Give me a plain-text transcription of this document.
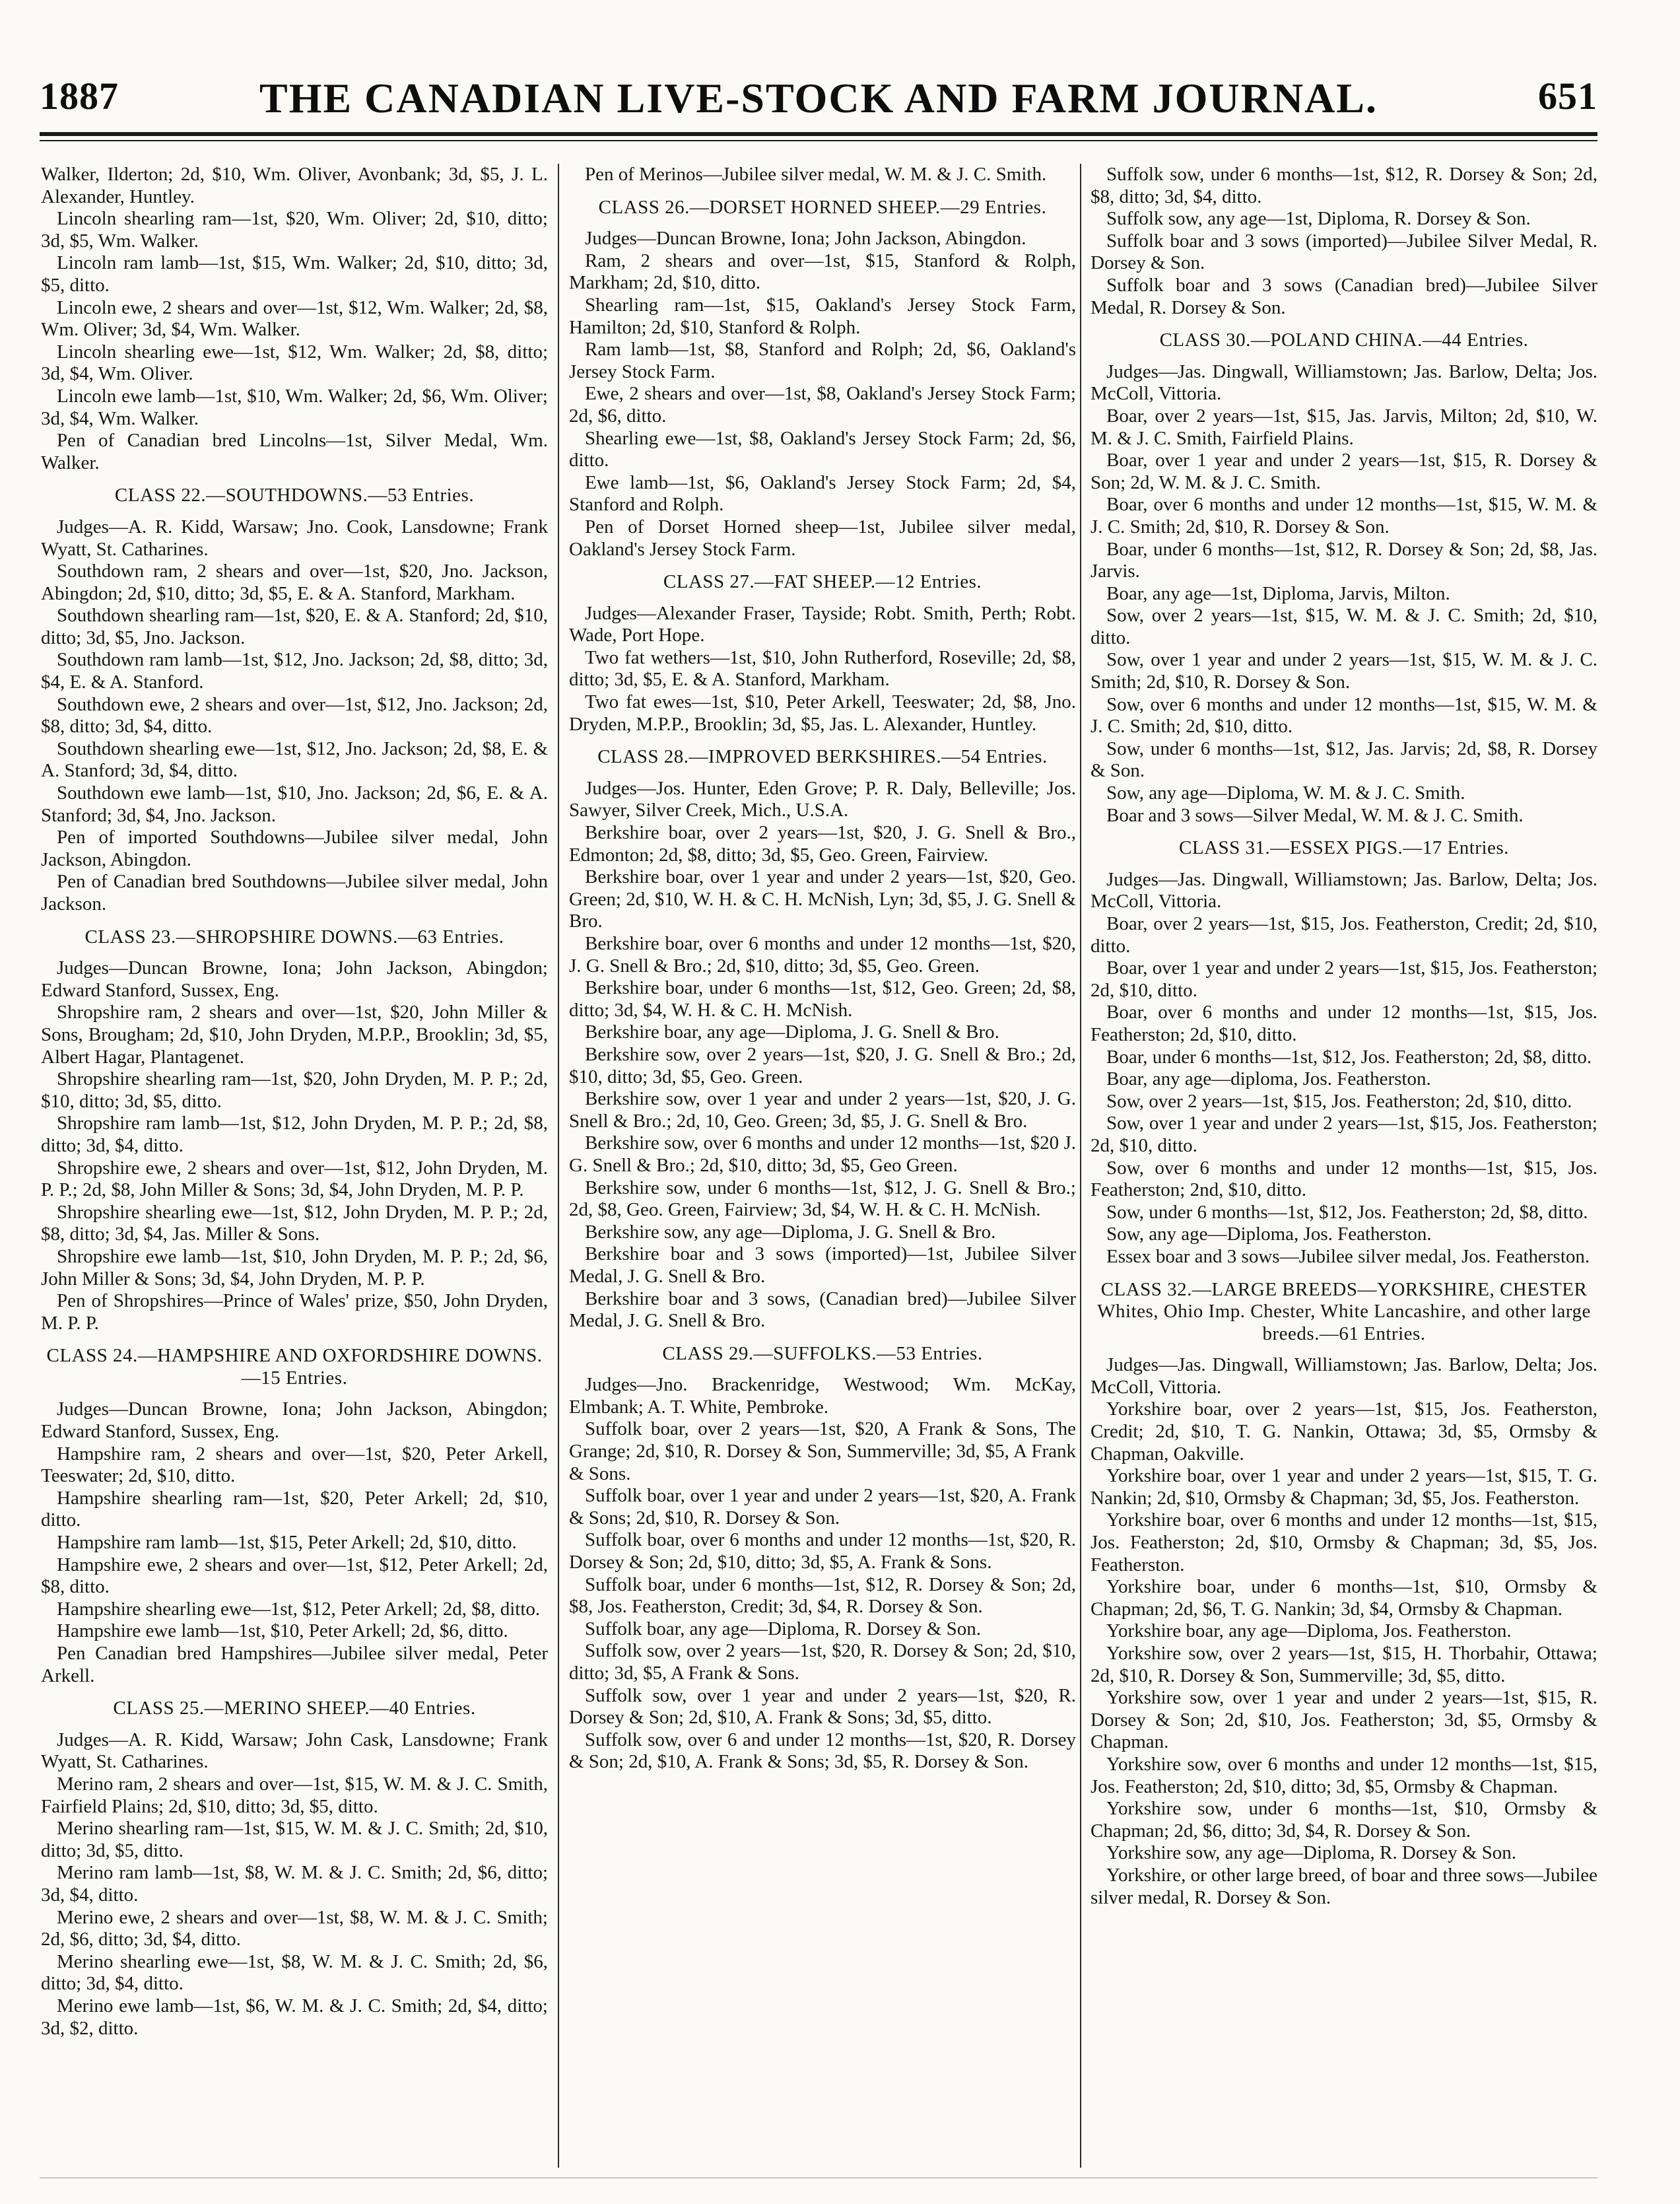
1887	THE CANADIAN LIVE-STOCK AND FARM JOURNAL.	651

Walker, Ilderton; 2d, $10, Wm. Oliver, Avonbank; 3d, $5, J. L. Alexander, Huntley.

Lincoln shearling ram—1st, $20, Wm. Oliver; 2d, $10, ditto; 3d, $5, Wm. Walker.

Lincoln ram lamb—1st, $15, Wm. Walker; 2d, $10, ditto; 3d, $5, ditto.

Lincoln ewe, 2 shears and over—1st, $12, Wm. Walker; 2d, $8, Wm. Oliver; 3d, $4, Wm. Walker.

Lincoln shearling ewe—1st, $12, Wm. Walker; 2d, $8, ditto; 3d, $4, Wm. Oliver.

Lincoln ewe lamb—1st, $10, Wm. Walker; 2d, $6, Wm. Oliver; 3d, $4, Wm. Walker.

Pen of Canadian bred Lincolns—1st, Silver Medal, Wm. Walker.

CLASS 22.—SOUTHDOWNS.—53 Entries.

Judges—A. R. Kidd, Warsaw; Jno. Cook, Lansdowne; Frank Wyatt, St. Catharines.

Southdown ram, 2 shears and over—1st, $20, Jno. Jackson, Abingdon; 2d, $10, ditto; 3d, $5, E. & A. Stanford, Markham.

Southdown shearling ram—1st, $20, E. & A. Stanford; 2d, $10, ditto; 3d, $5, Jno. Jackson.

Southdown ram lamb—1st, $12, Jno. Jackson; 2d, $8, ditto; 3d, $4, E. & A. Stanford.

Southdown ewe, 2 shears and over—1st, $12, Jno. Jackson; 2d, $8, ditto; 3d, $4, ditto.

Southdown shearling ewe—1st, $12, Jno. Jackson; 2d, $8, E. & A. Stanford; 3d, $4, ditto.

Southdown ewe lamb—1st, $10, Jno. Jackson; 2d, $6, E. & A. Stanford; 3d, $4, Jno. Jackson.

Pen of imported Southdowns—Jubilee silver medal, John Jackson, Abingdon.

Pen of Canadian bred Southdowns—Jubilee silver medal, John Jackson.

CLASS 23.—SHROPSHIRE DOWNS.—63 Entries.

Judges—Duncan Browne, Iona; John Jackson, Abingdon; Edward Stanford, Sussex, Eng.

Shropshire ram, 2 shears and over—1st, $20, John Miller & Sons, Brougham; 2d, $10, John Dryden, M.P.P., Brooklin; 3d, $5, Albert Hagar, Plantagenet.

Shropshire shearling ram—1st, $20, John Dryden, M. P. P.; 2d, $10, ditto; 3d, $5, ditto.

Shropshire ram lamb—1st, $12, John Dryden, M. P. P.; 2d, $8, ditto; 3d, $4, ditto.

Shropshire ewe, 2 shears and over—1st, $12, John Dryden, M. P. P.; 2d, $8, John Miller & Sons; 3d, $4, John Dryden, M. P. P.

Shropshire shearling ewe—1st, $12, John Dryden, M. P. P.; 2d, $8, ditto; 3d, $4, Jas. Miller & Sons.

Shropshire ewe lamb—1st, $10, John Dryden, M. P. P.; 2d, $6, John Miller & Sons; 3d, $4, John Dryden, M. P. P.

Pen of Shropshires—Prince of Wales' prize, $50, John Dryden, M. P. P.

CLASS 24.—HAMPSHIRE AND OXFORDSHIRE DOWNS.—15 Entries.

Judges—Duncan Browne, Iona; John Jackson, Abingdon; Edward Stanford, Sussex, Eng.

Hampshire ram, 2 shears and over—1st, $20, Peter Arkell, Teeswater; 2d, $10, ditto.

Hampshire shearling ram—1st, $20, Peter Arkell; 2d, $10, ditto.

Hampshire ram lamb—1st, $15, Peter Arkell; 2d, $10, ditto.

Hampshire ewe, 2 shears and over—1st, $12, Peter Arkell; 2d, $8, ditto.

Hampshire shearling ewe—1st, $12, Peter Arkell; 2d, $8, ditto.

Hampshire ewe lamb—1st, $10, Peter Arkell; 2d, $6, ditto.

Pen Canadian bred Hampshires—Jubilee silver medal, Peter Arkell.

CLASS 25.—MERINO SHEEP.—40 Entries.

Judges—A. R. Kidd, Warsaw; John Cask, Lansdowne; Frank Wyatt, St. Catharines.

Merino ram, 2 shears and over—1st, $15, W. M. & J. C. Smith, Fairfield Plains; 2d, $10, ditto; 3d, $5, ditto.

Merino shearling ram—1st, $15, W. M. & J. C. Smith; 2d, $10, ditto; 3d, $5, ditto.

Merino ram lamb—1st, $8, W. M. & J. C. Smith; 2d, $6, ditto; 3d, $4, ditto.

Merino ewe, 2 shears and over—1st, $8, W. M. & J. C. Smith; 2d, $6, ditto; 3d, $4, ditto.

Merino shearling ewe—1st, $8, W. M. & J. C. Smith; 2d, $6, ditto; 3d, $4, ditto.

Merino ewe lamb—1st, $6, W. M. & J. C. Smith; 2d, $4, ditto; 3d, $2, ditto.

Pen of Merinos—Jubilee silver medal, W. M. & J. C. Smith.

CLASS 26.—DORSET HORNED SHEEP.—29 Entries.

Judges—Duncan Browne, Iona; John Jackson, Abingdon.

Ram, 2 shears and over—1st, $15, Stanford & Rolph, Markham; 2d, $10, ditto.

Shearling ram—1st, $15, Oakland's Jersey Stock Farm, Hamilton; 2d, $10, Stanford & Rolph.

Ram lamb—1st, $8, Stanford and Rolph; 2d, $6, Oakland's Jersey Stock Farm.

Ewe, 2 shears and over—1st, $8, Oakland's Jersey Stock Farm; 2d, $6, ditto.

Shearling ewe—1st, $8, Oakland's Jersey Stock Farm; 2d, $6, ditto.

Ewe lamb—1st, $6, Oakland's Jersey Stock Farm; 2d, $4, Stanford and Rolph.

Pen of Dorset Horned sheep—1st, Jubilee silver medal, Oakland's Jersey Stock Farm.

CLASS 27.—FAT SHEEP.—12 Entries.

Judges—Alexander Fraser, Tayside; Robt. Smith, Perth; Robt. Wade, Port Hope.

Two fat wethers—1st, $10, John Rutherford, Roseville; 2d, $8, ditto; 3d, $5, E. & A. Stanford, Markham.

Two fat ewes—1st, $10, Peter Arkell, Teeswater; 2d, $8, Jno. Dryden, M.P.P., Brooklin; 3d, $5, Jas. L. Alexander, Huntley.

CLASS 28.—IMPROVED BERKSHIRES.—54 Entries.

Judges—Jos. Hunter, Eden Grove; P. R. Daly, Belleville; Jos. Sawyer, Silver Creek, Mich., U.S.A.

Berkshire boar, over 2 years—1st, $20, J. G. Snell & Bro., Edmonton; 2d, $8, ditto; 3d, $5, Geo. Green, Fairview.

Berkshire boar, over 1 year and under 2 years—1st, $20, Geo. Green; 2d, $10, W. H. & C. H. McNish, Lyn; 3d, $5, J. G. Snell & Bro.

Berkshire boar, over 6 months and under 12 months—1st, $20, J. G. Snell & Bro.; 2d, $10, ditto; 3d, $5, Geo. Green.

Berkshire boar, under 6 months—1st, $12, Geo. Green; 2d, $8, ditto; 3d, $4, W. H. & C. H. McNish.

Berkshire boar, any age—Diploma, J. G. Snell & Bro.

Berkshire sow, over 2 years—1st, $20, J. G. Snell & Bro.; 2d, $10, ditto; 3d, $5, Geo. Green.

Berkshire sow, over 1 year and under 2 years—1st, $20, J. G. Snell & Bro.; 2d, 10, Geo. Green; 3d, $5, J. G. Snell & Bro.

Berkshire sow, over 6 months and under 12 months—1st, $20 J. G. Snell & Bro.; 2d, $10, ditto; 3d, $5, Geo Green.

Berkshire sow, under 6 months—1st, $12, J. G. Snell & Bro.; 2d, $8, Geo. Green, Fairview; 3d, $4, W. H. & C. H. McNish.

Berkshire sow, any age—Diploma, J. G. Snell & Bro.

Berkshire boar and 3 sows (imported)—1st, Jubilee Silver Medal, J. G. Snell & Bro.

Berkshire boar and 3 sows, (Canadian bred)—Jubilee Silver Medal, J. G. Snell & Bro.

CLASS 29.—SUFFOLKS.—53 Entries.

Judges—Jno. Brackenridge, Westwood; Wm. McKay, Elmbank; A. T. White, Pembroke.

Suffolk boar, over 2 years—1st, $20, A Frank & Sons, The Grange; 2d, $10, R. Dorsey & Son, Summerville; 3d, $5, A Frank & Sons.

Suffolk boar, over 1 year and under 2 years—1st, $20, A. Frank & Sons; 2d, $10, R. Dorsey & Son.

Suffolk boar, over 6 months and under 12 months—1st, $20, R. Dorsey & Son; 2d, $10, ditto; 3d, $5, A. Frank & Sons.

Suffolk boar, under 6 months—1st, $12, R. Dorsey & Son; 2d, $8, Jos. Featherston, Credit; 3d, $4, R. Dorsey & Son.

Suffolk boar, any age—Diploma, R. Dorsey & Son.

Suffolk sow, over 2 years—1st, $20, R. Dorsey & Son; 2d, $10, ditto; 3d, $5, A Frank & Sons.

Suffolk sow, over 1 year and under 2 years—1st, $20, R. Dorsey & Son; 2d, $10, A. Frank & Sons; 3d, $5, ditto.

Suffolk sow, over 6 and under 12 months—1st, $20, R. Dorsey & Son; 2d, $10, A. Frank & Sons; 3d, $5, R. Dorsey & Son.

Suffolk sow, under 6 months—1st, $12, R. Dorsey & Son; 2d, $8, ditto; 3d, $4, ditto.

Suffolk sow, any age—1st, Diploma, R. Dorsey & Son.

Suffolk boar and 3 sows (imported)—Jubilee Silver Medal, R. Dorsey & Son.

Suffolk boar and 3 sows (Canadian bred)—Jubilee Silver Medal, R. Dorsey & Son.

CLASS 30.—POLAND CHINA.—44 Entries.

Judges—Jas. Dingwall, Williamstown; Jas. Barlow, Delta; Jos. McColl, Vittoria.

Boar, over 2 years—1st, $15, Jas. Jarvis, Milton; 2d, $10, W. M. & J. C. Smith, Fairfield Plains.

Boar, over 1 year and under 2 years—1st, $15, R. Dorsey & Son; 2d, W. M. & J. C. Smith.

Boar, over 6 months and under 12 months—1st, $15, W. M. & J. C. Smith; 2d, $10, R. Dorsey & Son.

Boar, under 6 months—1st, $12, R. Dorsey & Son; 2d, $8, Jas. Jarvis.

Boar, any age—1st, Diploma, Jarvis, Milton.

Sow, over 2 years—1st, $15, W. M. & J. C. Smith; 2d, $10, ditto.

Sow, over 1 year and under 2 years—1st, $15, W. M. & J. C. Smith; 2d, $10, R. Dorsey & Son.

Sow, over 6 months and under 12 months—1st, $15, W. M. & J. C. Smith; 2d, $10, ditto.

Sow, under 6 months—1st, $12, Jas. Jarvis; 2d, $8, R. Dorsey & Son.

Sow, any age—Diploma, W. M. & J. C. Smith.

Boar and 3 sows—Silver Medal, W. M. & J. C. Smith.

CLASS 31.—ESSEX PIGS.—17 Entries.

Judges—Jas. Dingwall, Williamstown; Jas. Barlow, Delta; Jos. McColl, Vittoria.

Boar, over 2 years—1st, $15, Jos. Featherston, Credit; 2d, $10, ditto.

Boar, over 1 year and under 2 years—1st, $15, Jos. Featherston; 2d, $10, ditto.

Boar, over 6 months and under 12 months—1st, $15, Jos. Featherston; 2d, $10, ditto.

Boar, under 6 months—1st, $12, Jos. Featherston; 2d, $8, ditto.

Boar, any age—diploma, Jos. Featherston.

Sow, over 2 years—1st, $15, Jos. Featherston; 2d, $10, ditto.

Sow, over 1 year and under 2 years—1st, $15, Jos. Featherston; 2d, $10, ditto.

Sow, over 6 months and under 12 months—1st, $15, Jos. Featherston; 2nd, $10, ditto.

Sow, under 6 months—1st, $12, Jos. Featherston; 2d, $8, ditto.

Sow, any age—Diploma, Jos. Featherston.

Essex boar and 3 sows—Jubilee silver medal, Jos. Featherston.

CLASS 32.—LARGE BREEDS—YORKSHIRE, CHESTER Whites, Ohio Imp. Chester, White Lancashire, and other large breeds.—61 Entries.

Judges—Jas. Dingwall, Williamstown; Jas. Barlow, Delta; Jos. McColl, Vittoria.

Yorkshire boar, over 2 years—1st, $15, Jos. Featherston, Credit; 2d, $10, T. G. Nankin, Ottawa; 3d, $5, Ormsby & Chapman, Oakville.

Yorkshire boar, over 1 year and under 2 years—1st, $15, T. G. Nankin; 2d, $10, Ormsby & Chapman; 3d, $5, Jos. Featherston.

Yorkshire boar, over 6 months and under 12 months—1st, $15, Jos. Featherston; 2d, $10, Ormsby & Chapman; 3d, $5, Jos. Featherston.

Yorkshire boar, under 6 months—1st, $10, Ormsby & Chapman; 2d, $6, T. G. Nankin; 3d, $4, Ormsby & Chapman.

Yorkshire boar, any age—Diploma, Jos. Featherston.

Yorkshire sow, over 2 years—1st, $15, H. Thorbahir, Ottawa; 2d, $10, R. Dorsey & Son, Summerville; 3d, $5, ditto.

Yorkshire sow, over 1 year and under 2 years—1st, $15, R. Dorsey & Son; 2d, $10, Jos. Featherston; 3d, $5, Ormsby & Chapman.

Yorkshire sow, over 6 months and under 12 months—1st, $15, Jos. Featherston; 2d, $10, ditto; 3d, $5, Ormsby & Chapman.

Yorkshire sow, under 6 months—1st, $10, Ormsby & Chapman; 2d, $6, ditto; 3d, $4, R. Dorsey & Son.

Yorkshire sow, any age—Diploma, R. Dorsey & Son.

Yorkshire, or other large breed, of boar and three sows—Jubilee silver medal, R. Dorsey & Son.
